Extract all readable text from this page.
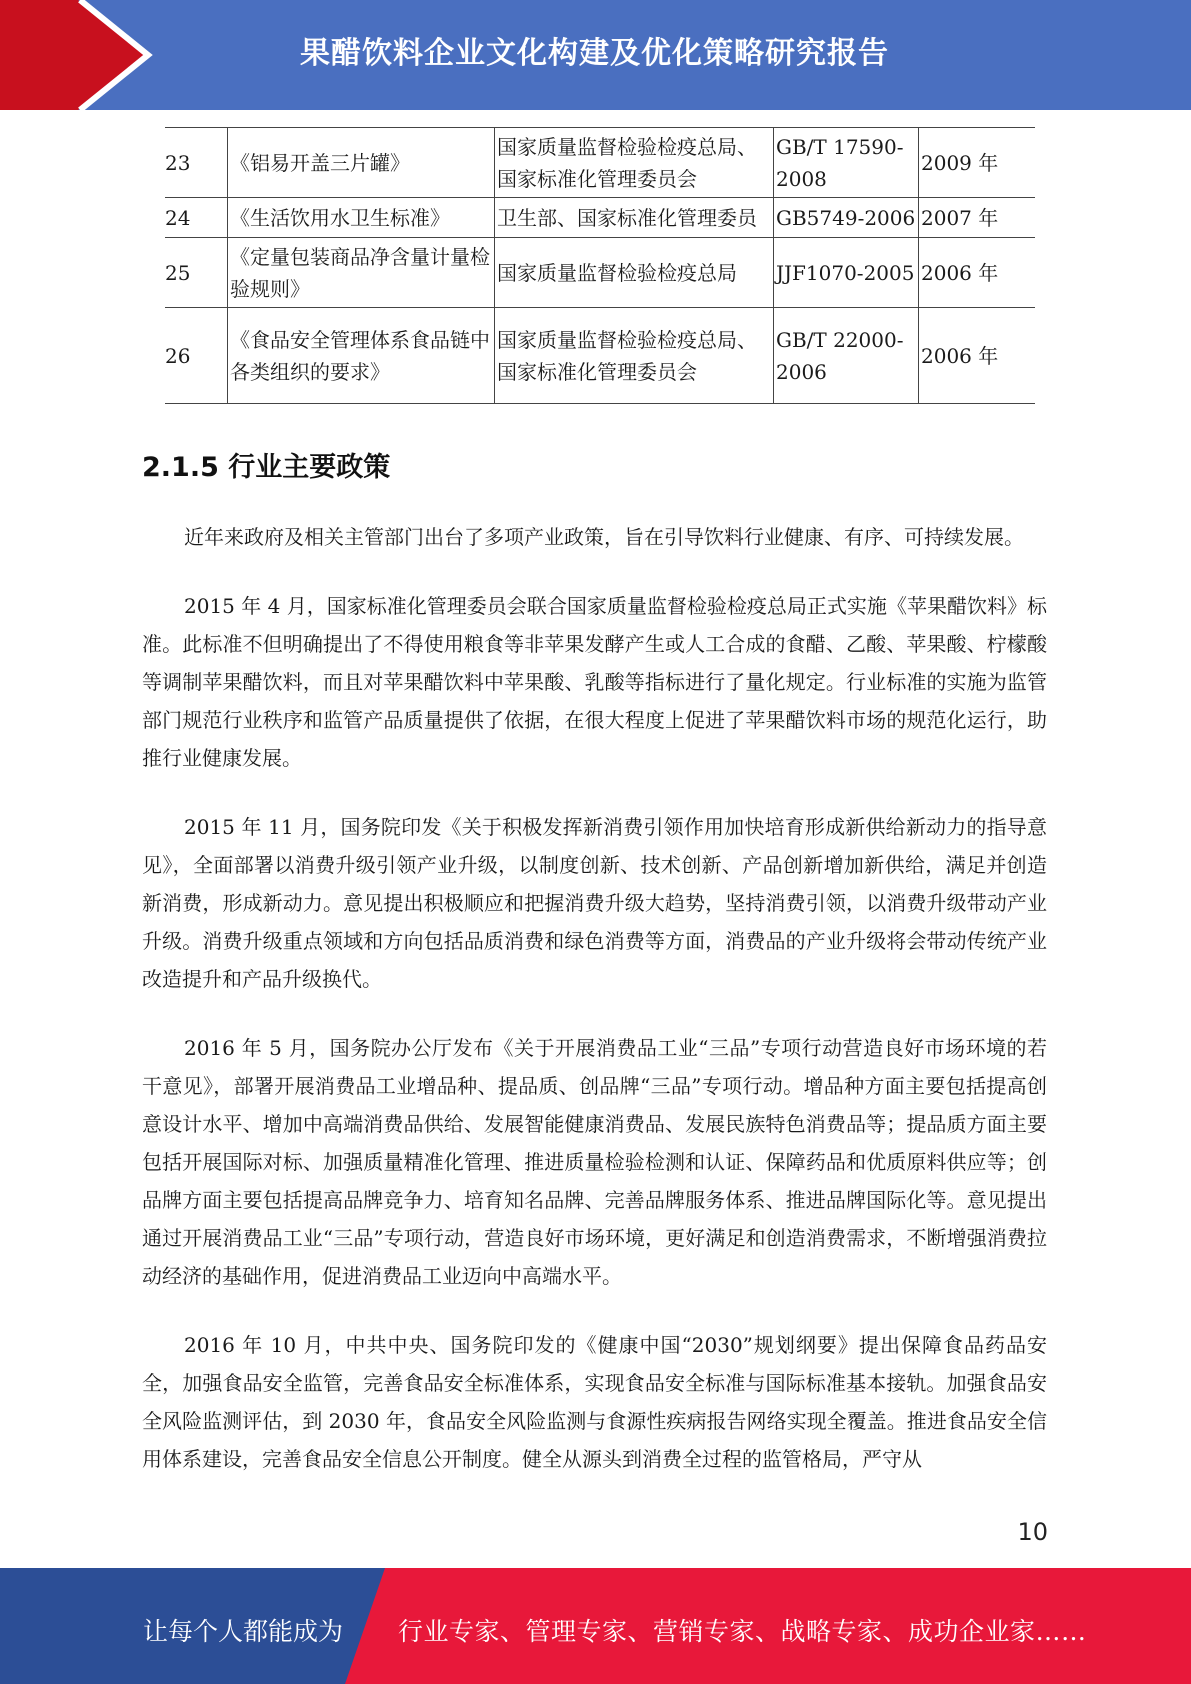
果醋饮料企业文化构建及优化策略研究报告
23	《铝易开盖三片罐》	国家质量监督检验检疫总局、国家标准化管理委员会	GB/T 17590-2008	2009 年
24	《生活饮用水卫生标准》	卫生部、国家标准化管理委员	GB5749-2006	2007 年
25	《定量包装商品净含量计量检验规则》	国家质量监督检验检疫总局	JJF1070-2005	2006 年
26	《食品安全管理体系食品链中各类组织的要求》	国家质量监督检验检疫总局、国家标准化管理委员会	GB/T 22000-2006	2006 年
2.1.5 行业主要政策

近年来政府及相关主管部门出台了多项产业政策，旨在引导饮料行业健康、有序、可持续发展。

2015 年 4 月，国家标准化管理委员会联合国家质量监督检验检疫总局正式实施《苹果醋饮料》标准。此标准不但明确提出了不得使用粮食等非苹果发酵产生或人工合成的食醋、乙酸、苹果酸、柠檬酸等调制苹果醋饮料，而且对苹果醋饮料中苹果酸、乳酸等指标进行了量化规定。行业标准的实施为监管部门规范行业秩序和监管产品质量提供了依据，在很大程度上促进了苹果醋饮料市场的规范化运行，助推行业健康发展。

2015 年 11 月，国务院印发《关于积极发挥新消费引领作用加快培育形成新供给新动力的指导意见》，全面部署以消费升级引领产业升级，以制度创新、技术创新、产品创新增加新供给，满足并创造新消费，形成新动力。意见提出积极顺应和把握消费升级大趋势，坚持消费引领，以消费升级带动产业升级。消费升级重点领域和方向包括品质消费和绿色消费等方面，消费品的产业升级将会带动传统产业改造提升和产品升级换代。

2016 年 5 月，国务院办公厅发布《关于开展消费品工业“三品”专项行动营造良好市场环境的若干意见》，部署开展消费品工业增品种、提品质、创品牌“三品”专项行动。增品种方面主要包括提高创意设计水平、增加中高端消费品供给、发展智能健康消费品、发展民族特色消费品等；提品质方面主要包括开展国际对标、加强质量精准化管理、推进质量检验检测和认证、保障药品和优质原料供应等；创品牌方面主要包括提高品牌竞争力、培育知名品牌、完善品牌服务体系、推进品牌国际化等。意见提出通过开展消费品工业“三品”专项行动，营造良好市场环境，更好满足和创造消费需求，不断增强消费拉动经济的基础作用，促进消费品工业迈向中高端水平。

2016 年 10 月，中共中央、国务院印发的《健康中国“2030”规划纲要》提出保障食品药品安全，加强食品安全监管，完善食品安全标准体系，实现食品安全标准与国际标准基本接轨。加强食品安全风险监测评估，到 2030 年，食品安全风险监测与食源性疾病报告网络实现全覆盖。推进食品安全信用体系建设，完善食品安全信息公开制度。健全从源头到消费全过程的监管格局，严守从

10
让每个人都能成为 行业专家、管理专家、营销专家、战略专家、成功企业家……
